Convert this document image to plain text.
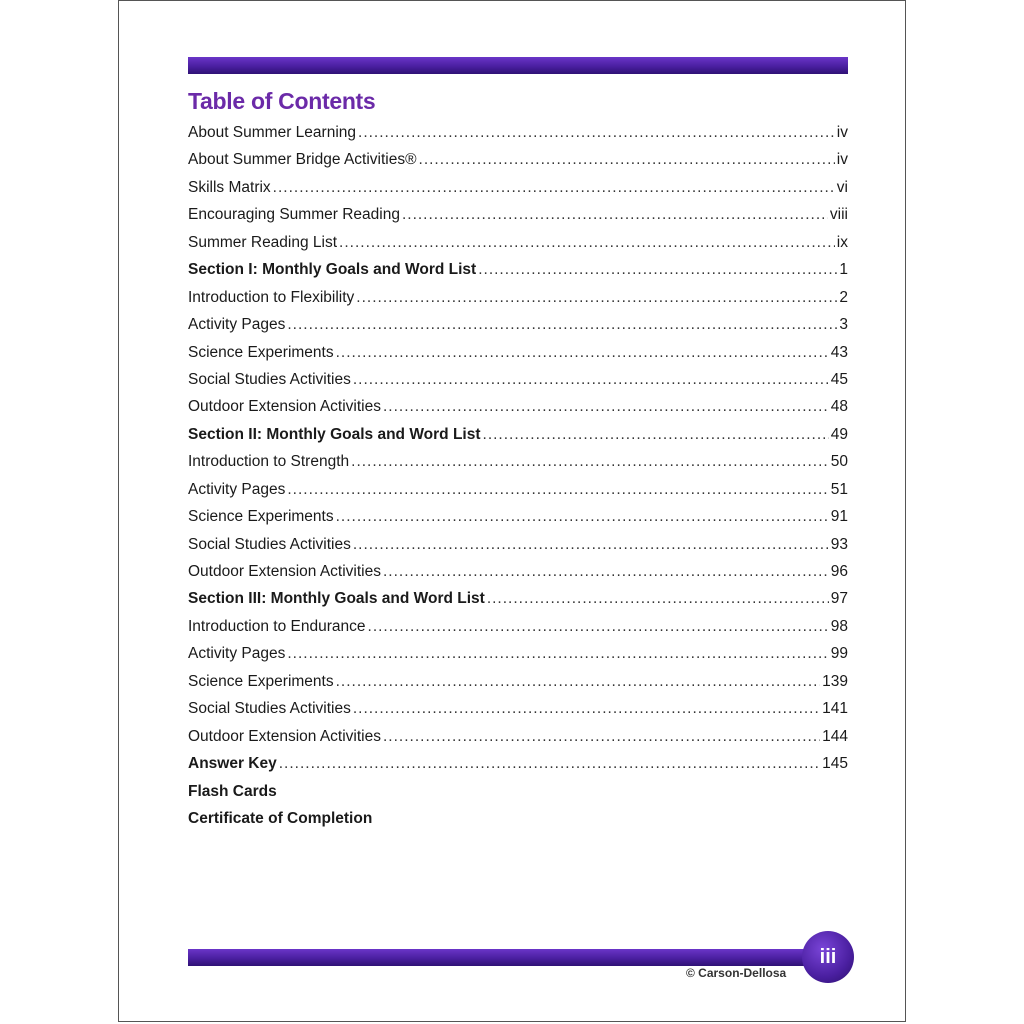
Table of Contents
About Summer Learning .....	iv
About Summer Bridge Activities® .....	iv
Skills Matrix .....	vi
Encouraging Summer Reading .....	viii
Summer Reading List .....	ix
Section I: Monthly Goals and Word List .....	1
Introduction to Flexibility .....	2
Activity Pages .....	3
Science Experiments .....	43
Social Studies Activities .....	45
Outdoor Extension Activities .....	48
Section II: Monthly Goals and Word List .....	49
Introduction to Strength .....	50
Activity Pages .....	51
Science Experiments .....	91
Social Studies Activities .....	93
Outdoor Extension Activities .....	96
Section III: Monthly Goals and Word List .....	97
Introduction to Endurance .....	98
Activity Pages .....	99
Science Experiments .....	139
Social Studies Activities .....	141
Outdoor Extension Activities .....	144
Answer Key .....	145
Flash Cards
Certificate of Completion
iii
© Carson-Dellosa
